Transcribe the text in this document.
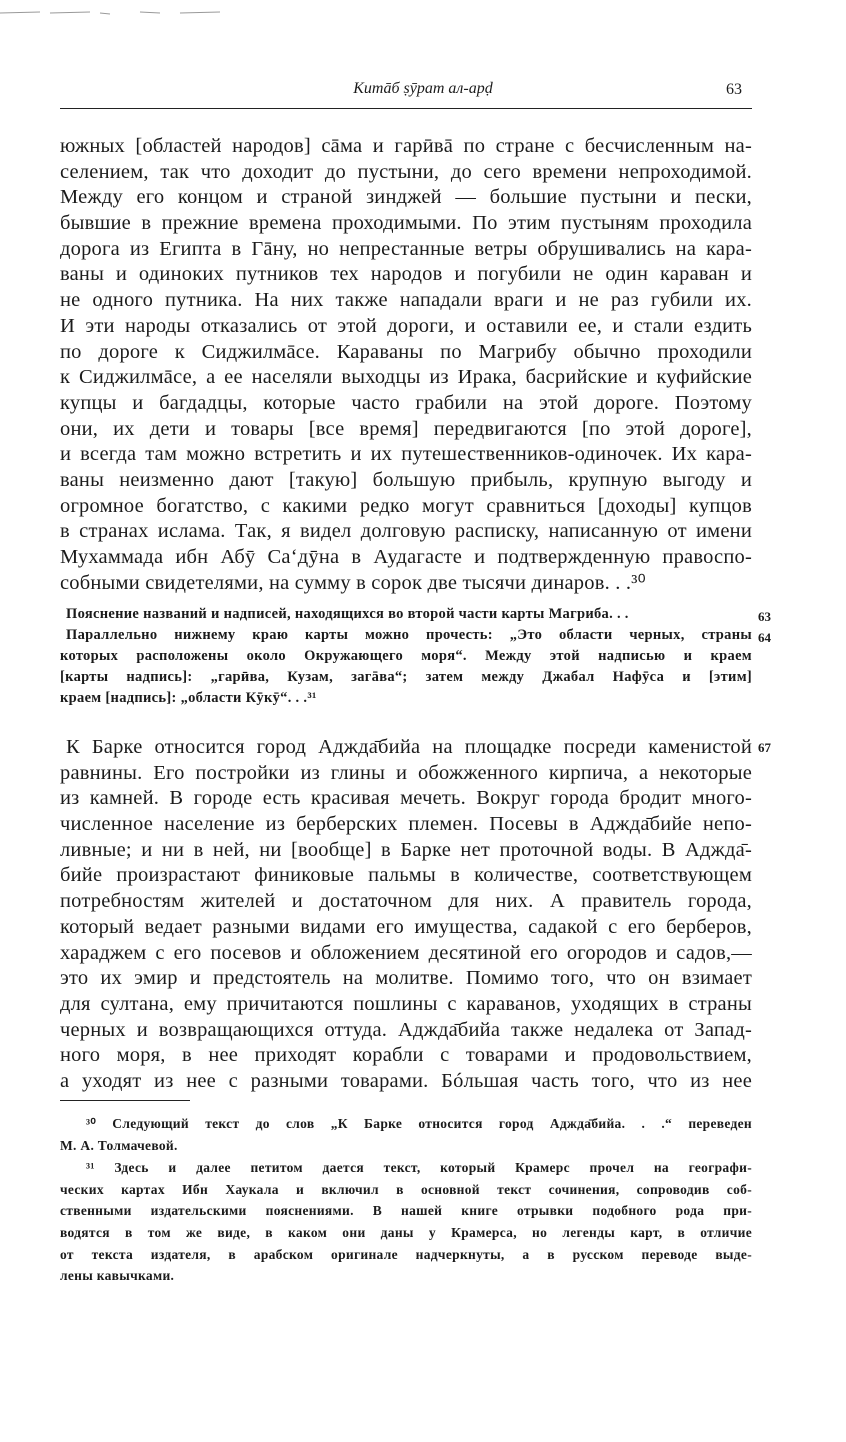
Китāб ṣӯрат ал-арḍ	63
южных [областей народов] сāма и гарӣвā по стране с бесчисленным на-
селением, так что доходит до пустыни, до сего времени непроходимой.
Между его концом и страной зинджей — большие пустыни и пески,
бывшие в прежние времена проходимыми. По этим пустыням проходила
дорога из Египта в Гāну, но непрестанные ветры обрушивались на кара-
ваны и одиноких путников тех народов и погубили не один караван и
не одного путника. На них также нападали враги и не раз губили их.
И эти народы отказались от этой дороги, и оставили ее, и стали ездить
по дороге к Сиджилмāсе. Караваны по Магрибу обычно проходили
к Сиджилмāсе, а ее населяли выходцы из Ирака, басрийские и куфийские
купцы и багдадцы, которые часто грабили на этой дороге. Поэтому
они, их дети и товары [все время] передвигаются [по этой дороге],
и всегда там можно встретить и их путешественников-одиночек. Их кара-
ваны неизменно дают [такую] большую прибыль, крупную выгоду и
огромное богатство, с какими редко могут сравниться [доходы] купцов
в странах ислама. Так, я видел долговую расписку, написанную от имени
Мухаммада ибн Абӯ Са‘дӯна в Аудагасте и подтвержденную правоспо-
собными свидетелями, на сумму в сорок две тысячи динаров. . .³⁰
Пояснение названий и надписей, находящихся во второй части карты Магриба. . .
Параллельно нижнему краю карты можно прочесть: „Это области черных, страны
которых расположены около Окружающего моря“. Между этой надписью и краем
[карты надпись]: „гарӣва, Кузам, загāва“; затем между Джабал Нафӯса и [этим]
краем [надпись]: „области Кӯкӯ“. . .³¹
63
64
67
К Барке относится город Аджда̄бийа на площадке посреди каменистой
равнины. Его постройки из глины и обожженного кирпича, а некоторые
из камней. В городе есть красивая мечеть. Вокруг города бродит много-
численное население из берберских племен. Посевы в Аджда̄бийе непо-
ливные; и ни в ней, ни [вообще] в Барке нет проточной воды. В Аджда̄-
бийе произрастают финиковые пальмы в количестве, соответствующем
потребностям жителей и достаточном для них. А правитель города,
который ведает разными видами его имущества, садакой с его берберов,
хараджем с его посевов и обложением десятиной его огородов и садов,—
это их эмир и предстоятель на молитве. Помимо того, что он взимает
для султана, ему причитаются пошлины с караванов, уходящих в страны
черных и возвращающихся оттуда. Аджда̄бийа также недалека от Запад-
ного моря, в нее приходят корабли с товарами и продовольствием,
а уходят из нее с разными товарами. Бóльшая часть того, что из нее
³⁰ Следующий текст до слов „К Барке относится город Аджда̄бийа. . .“ переведен
М. А. Толмачевой.
³¹ Здесь и далее петитом дается текст, который Крамерс прочел на географи-
ческих картах Ибн Хаукала и включил в основной текст сочинения, сопроводив соб-
ственными издательскими пояснениями. В нашей книге отрывки подобного рода при-
водятся в том же виде, в каком они даны у Крамерса, но легенды карт, в отличие
от текста издателя, в арабском оригинале надчеркнуты, а в русском переводе выде-
лены кавычками.
